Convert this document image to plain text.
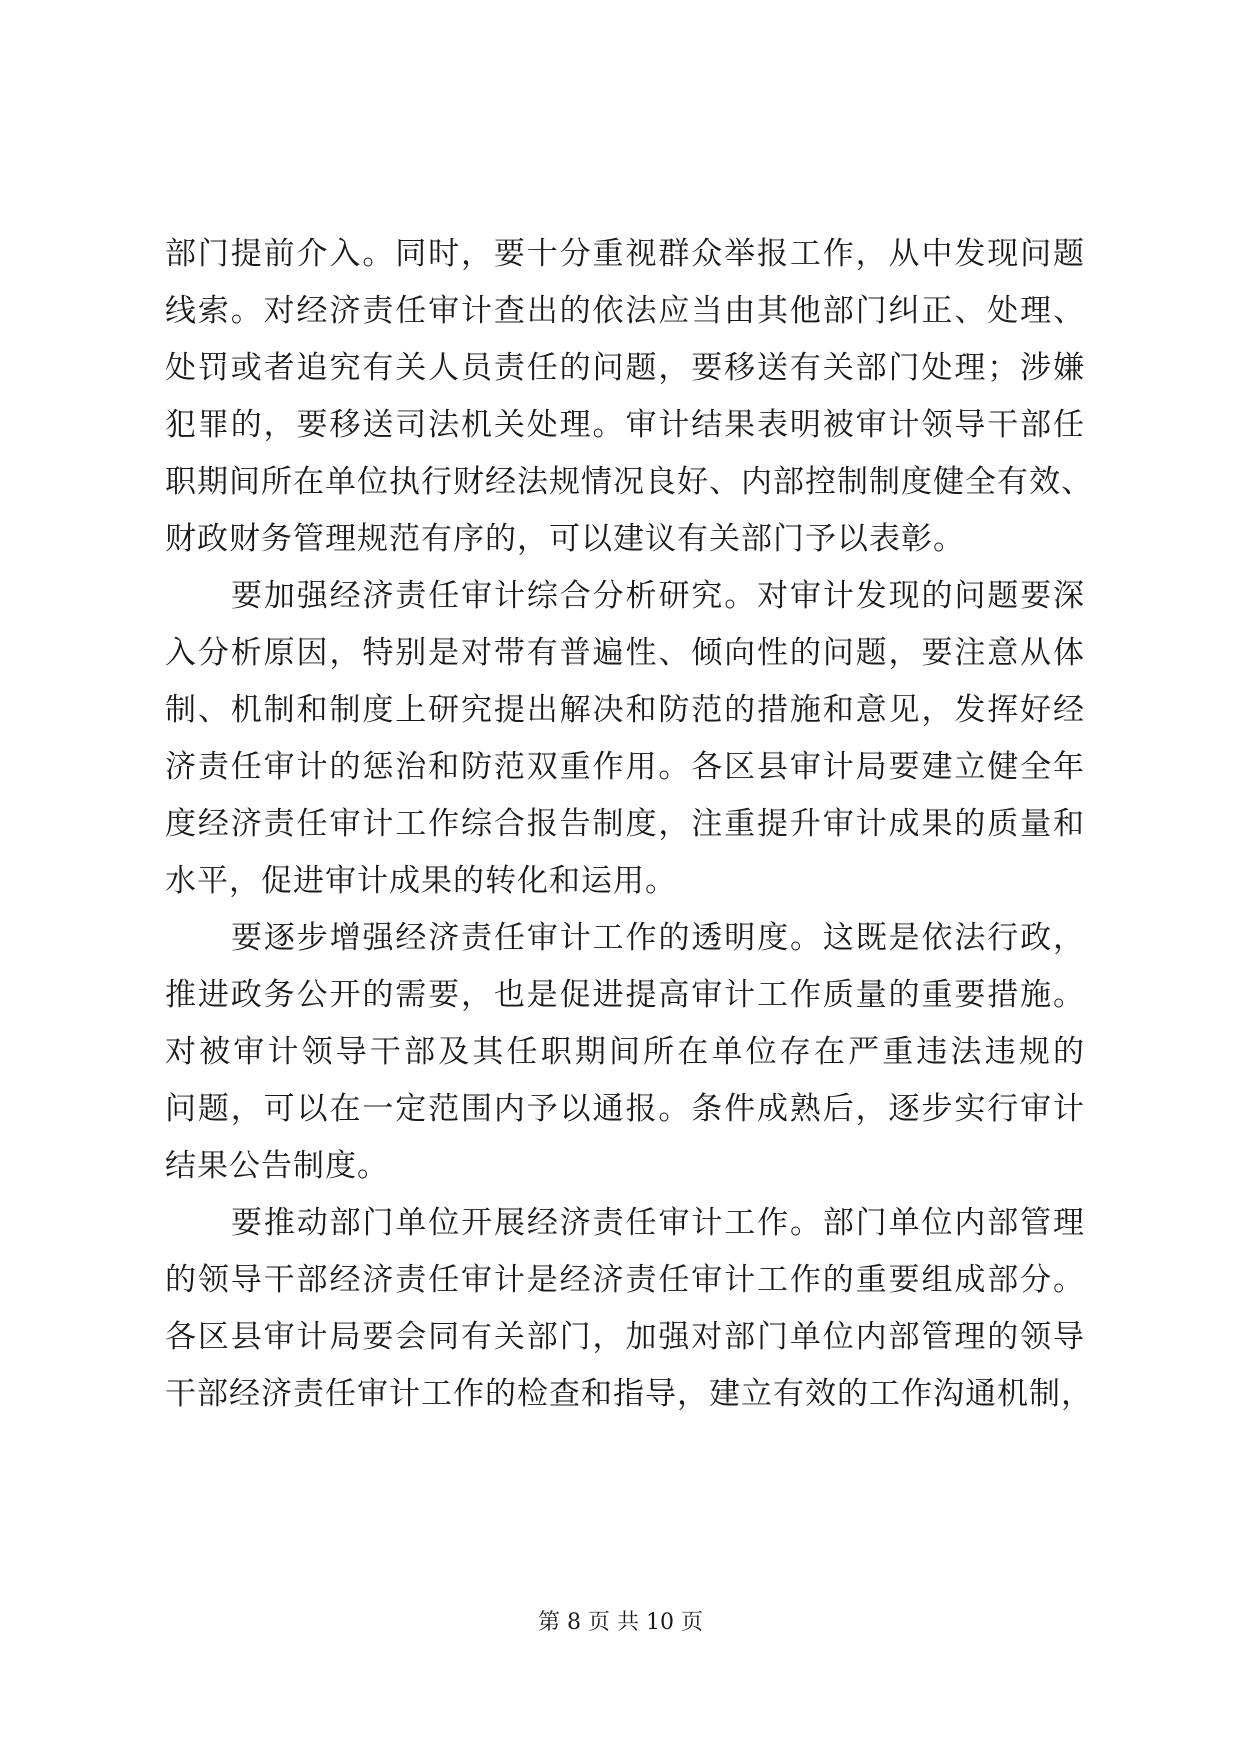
部门提前介入。同时，要十分重视群众举报工作，从中发现问题
线索。对经济责任审计查出的依法应当由其他部门纠正、处理、
处罚或者追究有关人员责任的问题，要移送有关部门处理；涉嫌
犯罪的，要移送司法机关处理。审计结果表明被审计领导干部任
职期间所在单位执行财经法规情况良好、内部控制制度健全有效、
财政财务管理规范有序的，可以建议有关部门予以表彰。
要加强经济责任审计综合分析研究。对审计发现的问题要深
入分析原因，特别是对带有普遍性、倾向性的问题，要注意从体
制、机制和制度上研究提出解决和防范的措施和意见，发挥好经
济责任审计的惩治和防范双重作用。各区县审计局要建立健全年
度经济责任审计工作综合报告制度，注重提升审计成果的质量和
水平，促进审计成果的转化和运用。
要逐步增强经济责任审计工作的透明度。这既是依法行政，
推进政务公开的需要，也是促进提高审计工作质量的重要措施。
对被审计领导干部及其任职期间所在单位存在严重违法违规的
问题，可以在一定范围内予以通报。条件成熟后，逐步实行审计
结果公告制度。
要推动部门单位开展经济责任审计工作。部门单位内部管理
的领导干部经济责任审计是经济责任审计工作的重要组成部分。
各区县审计局要会同有关部门，加强对部门单位内部管理的领导
干部经济责任审计工作的检查和指导，建立有效的工作沟通机制，
第 8 页 共 10 页
